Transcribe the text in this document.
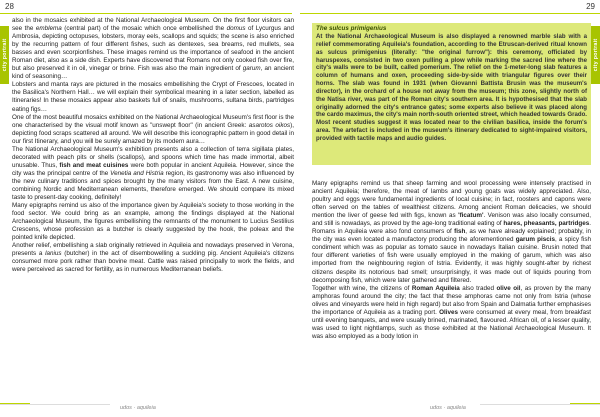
28
city portrait

also in the mosaics exhibited at the National Archaeological Museum. On the first floor visitors can see the emblema (central part) of the mosaic which once embellished the domus of Lycurgus and Ambrosia, depicting octopuses, lobsters, moray eels, scallops and squids; the scene is also enriched by the recurring pattern of four different fishes, such as dentexes, sea breams, red mullets, sea basses and even scorpionfishes. These images remind us the importance of seafood in the ancient Roman diet, also as a side dish. Experts have discovered that Romans not only cooked fish over fire, but also preserved it in oil, vinegar or brine. Fish was also the main ingredient of garum, an ancient kind of seasoning…

Lobsters and manta rays are pictured in the mosaics embellishing the Crypt of Frescoes, located in the Basilica's Northern Hall… we will explain their symbolical meaning in a later section, labelled as Itineraries! In these mosaics appear also baskets full of snails, mushrooms, sultana birds, partridges eating figs…

One of the most beautiful mosaics exhibited on the National Archaeological Museum's first floor is the one characterised by the visual motif known as "unswept floor" (in ancient Greek: asarotos oikos), depicting food scraps scattered all around. We will describe this iconographic pattern in good detail in our first Itinerary, and you will be surely amazed by its modern aura…

The National Archaeological Museum's exhibition presents also a collection of terra sigillata plates, decorated with peach pits or shells (scallops), and spoons which time has made immortal, albeit unusable. Thus, fish and meat cuisines were both popular in ancient Aquileia. However, since the city was the principal centre of the Venetia and Histria region, its gastronomy was also influenced by the new culinary traditions and spices brought by the many visitors from the East. A new cuisine, combining Nordic and Mediterranean elements, therefore emerged. We should compare its mixed taste to present-day cooking, definitely!

Many epigraphs remind us also of the importance given by Aquileia's society to those working in the food sector. We could bring as an example, among the findings displayed at the National Archaeological Museum, the figures embellishing the remnants of the monument to Lucius Sestilius Crescens, whose profession as a butcher is clearly suggested by the hook, the poleax and the pointed knife depicted.

Another relief, embellishing a slab originally retrieved in Aquileia and nowadays preserved in Verona, presents a lanius (butcher) in the act of disembowelling a suckling pig. Ancient Aquileia's citizens consumed more pork rather than bovine meat. Cattle was raised principally to work the fields, and were perceived as sacred for fertility, as in numerous Mediterranean beliefs.

udos · aquileia
29
city portrait
The sulcus primigenius
At the National Archaeological Museum is also displayed a renowned marble slab with a relief commemorating Aquileia's foundation, according to the Etruscan-derived ritual known as sulcus primigenius (literally: "the original furrow"): this ceremony, officiated by haruspexes, consisted in two oxen pulling a plow while marking the sacred line where the city's walls were to be built, called pomerium. The relief on the 1-meter-long slab features a column of humans and oxen, proceeding side-by-side with triangular figures over their horns. The slab was found in 1931 (when Giovanni Battista Brusin was the museum's director), in the orchard of a house not away from the museum; this zone, slightly north of the Natisa river, was part of the Roman city's southern area. It is hypothesised that the slab originally adorned the city's entrance gates; some experts also believe it was placed along the cardo maximus, the city's main north-south oriented street, which headed towards Grado. Most recent studies suggest it was located near to the civilian basilica, inside the forum's area. The artefact is included in the museum's itinerary dedicated to sight-impaired visitors, provided with tactile maps and audio guides.

Many epigraphs remind us that sheep farming and wool processing were intensely practised in ancient Aquileia; therefore, the meat of lambs and young goats was widely appreciated. Also, poultry and eggs were fundamental ingredients of local cuisine; in fact, roosters and capons were often served on the tables of wealthiest citizens. Among ancient Roman delicacies, we should mention the liver of geese fed with figs, known as 'ficatum'. Venison was also locally consumed, and still is nowadays, as proved by the age-long traditional eating of hares, pheasants, partridges. Romans in Aquileia were also fond consumers of fish, as we have already explained; probably, in the city was even located a manufactory producing the aforementioned garum piscis, a spicy fish condiment which was as popular as tomato sauce in nowadays Italian cuisine. Brusin noted that four different varieties of fish were usually employed in the making of garum, which was also imported from the neighbouring region of Istria. Evidently, it was highly sought-after by richest citizens despite its notorious bad smell; unsurprisingly, it was made out of liquids pouring from decomposing fish, which were later gathered and filtered.

Together with wine, the citizens of Roman Aquileia also traded olive oil, as proven by the many amphoras found around the city; the fact that these amphoras came not only from Istria (whose olives and vineyards were held in high regard) but also from Spain and Dalmatia further emphasises the importance of Aquileia as a trading port. Olives were consumed at every meal, from breakfast until evening banquets, and were usually brined, marinated, flavoured. African oil, of a lesser quality, was used to light nightlamps, such as those exhibited at the National Archaeological Museum. It was also employed as a body lotion in

udos · aquileia
